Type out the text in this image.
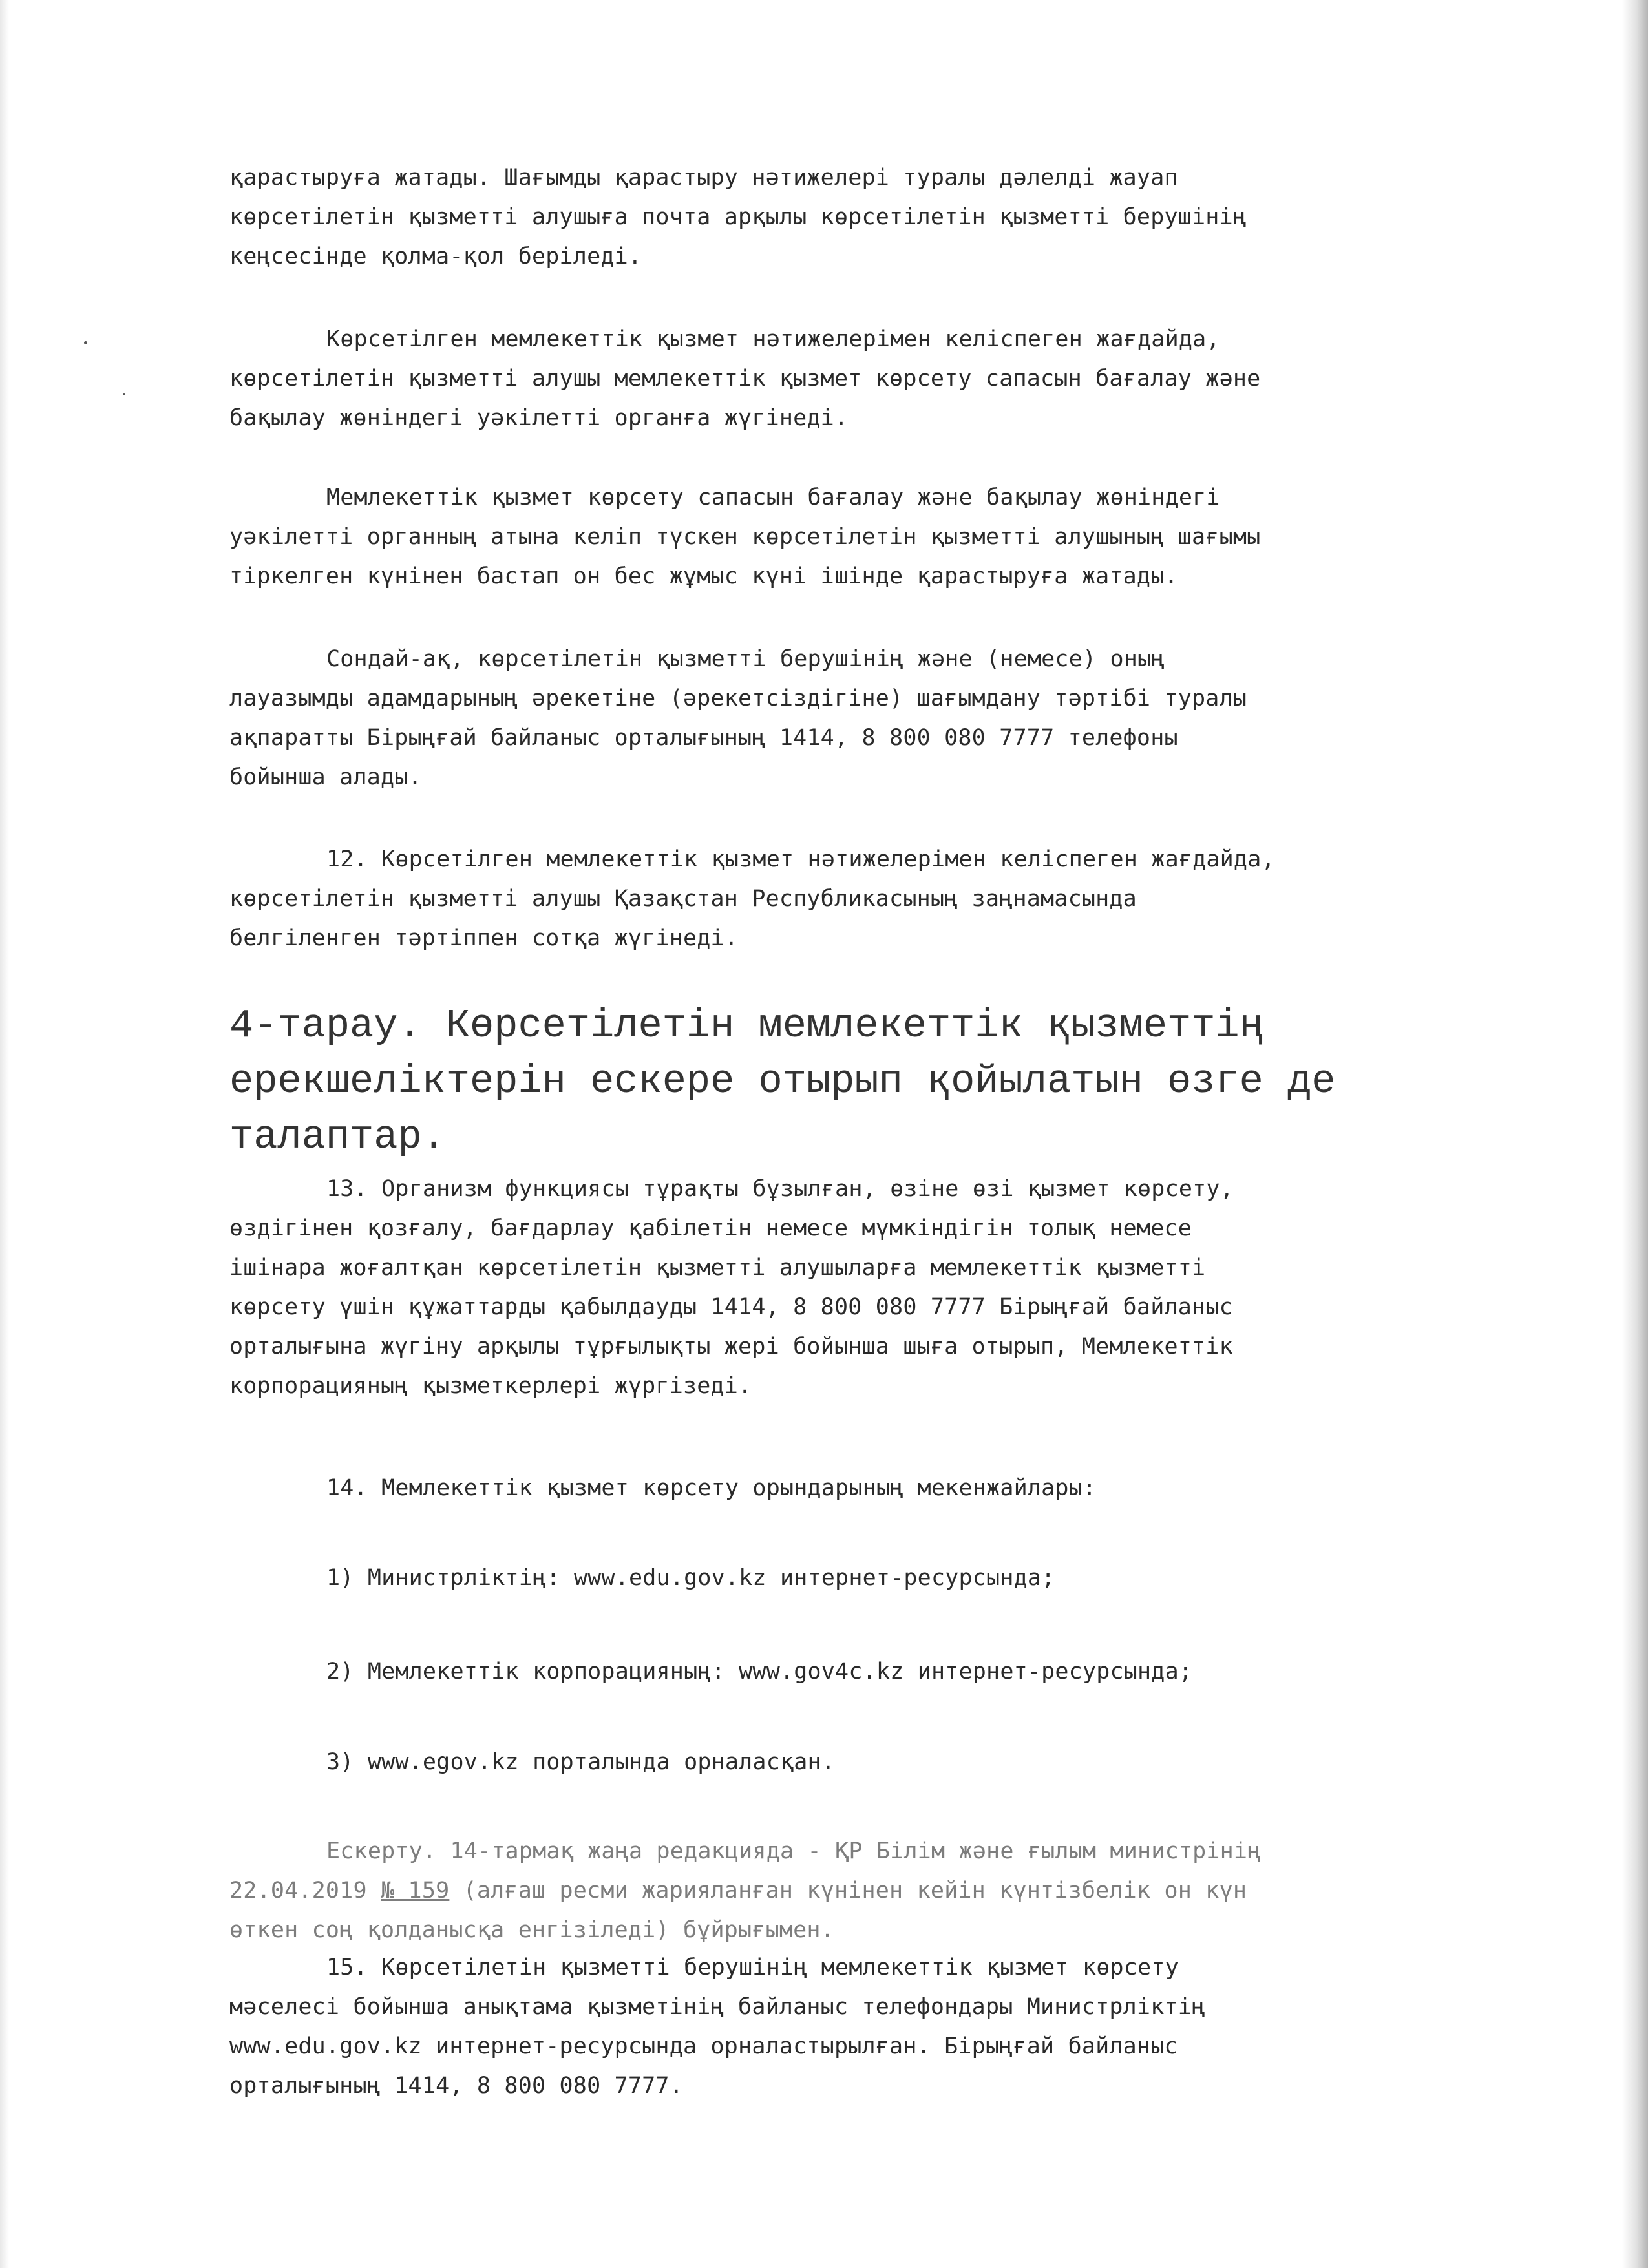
қарастыруға жатады. Шағымды қарастыру нәтижелері туралы дәлелді жауап

көрсетілетін қызметті алушыға почта арқылы көрсетілетін қызметті берушінің

кеңсесінде қолма-қол беріледі.

Көрсетілген мемлекеттік қызмет нәтижелерімен келіспеген жағдайда,

көрсетілетін қызметті алушы мемлекеттік қызмет көрсету сапасын бағалау және

бақылау жөніндегі уәкілетті органға жүгінеді.

Мемлекеттік қызмет көрсету сапасын бағалау және бақылау жөніндегі

уәкілетті органның атына келіп түскен көрсетілетін қызметті алушының шағымы

тіркелген күнінен бастап он бес жұмыс күні ішінде қарастыруға жатады.

Сондай-ақ, көрсетілетін қызметті берушінің және (немесе) оның

лауазымды адамдарының әрекетіне (әрекетсіздігіне) шағымдану тәртібі туралы

ақпаратты Бірыңғай байланыс орталығының 1414, 8 800 080 7777 телефоны

бойынша алады.

12. Көрсетілген мемлекеттік қызмет нәтижелерімен келіспеген жағдайда,

көрсетілетін қызметті алушы Қазақстан Республикасының заңнамасында

белгіленген тәртіппен сотқа жүгінеді.

4-тарау. Көрсетілетін мемлекеттік қызметтің

ерекшеліктерін ескере отырып қойылатын өзге де

талаптар.

13. Организм функциясы тұрақты бұзылған, өзіне өзі қызмет көрсету,

өздігінен қозғалу, бағдарлау қабілетін немесе мүмкіндігін толық немесе

ішінара жоғалтқан көрсетілетін қызметті алушыларға мемлекеттік қызметті

көрсету үшін құжаттарды қабылдауды 1414, 8 800 080 7777 Бірыңғай байланыс

орталығына жүгіну арқылы тұрғылықты жері бойынша шыға отырып, Мемлекеттік

корпорацияның қызметкерлері жүргізеді.

14. Мемлекеттік қызмет көрсету орындарының мекенжайлары:

1) Министрліктің: www.edu.gov.kz интернет-ресурсында;

2) Мемлекеттік корпорацияның: www.gov4c.kz интернет-ресурсында;

3) www.egov.kz порталында орналасқан.

Ескерту. 14-тармақ жаңа редакцияда - ҚР Білім және ғылым министрінің

22.04.2019 № 159 (алғаш ресми жарияланған күнінен кейін күнтізбелік он күн

өткен соң қолданысқа енгізіледі) бұйрығымен.

15. Көрсетілетін қызметті берушінің мемлекеттік қызмет көрсету

мәселесі бойынша анықтама қызметінің байланыс телефондары Министрліктің

www.edu.gov.kz интернет-ресурсында орналастырылған. Бірыңғай байланыс

орталығының 1414, 8 800 080 7777.
